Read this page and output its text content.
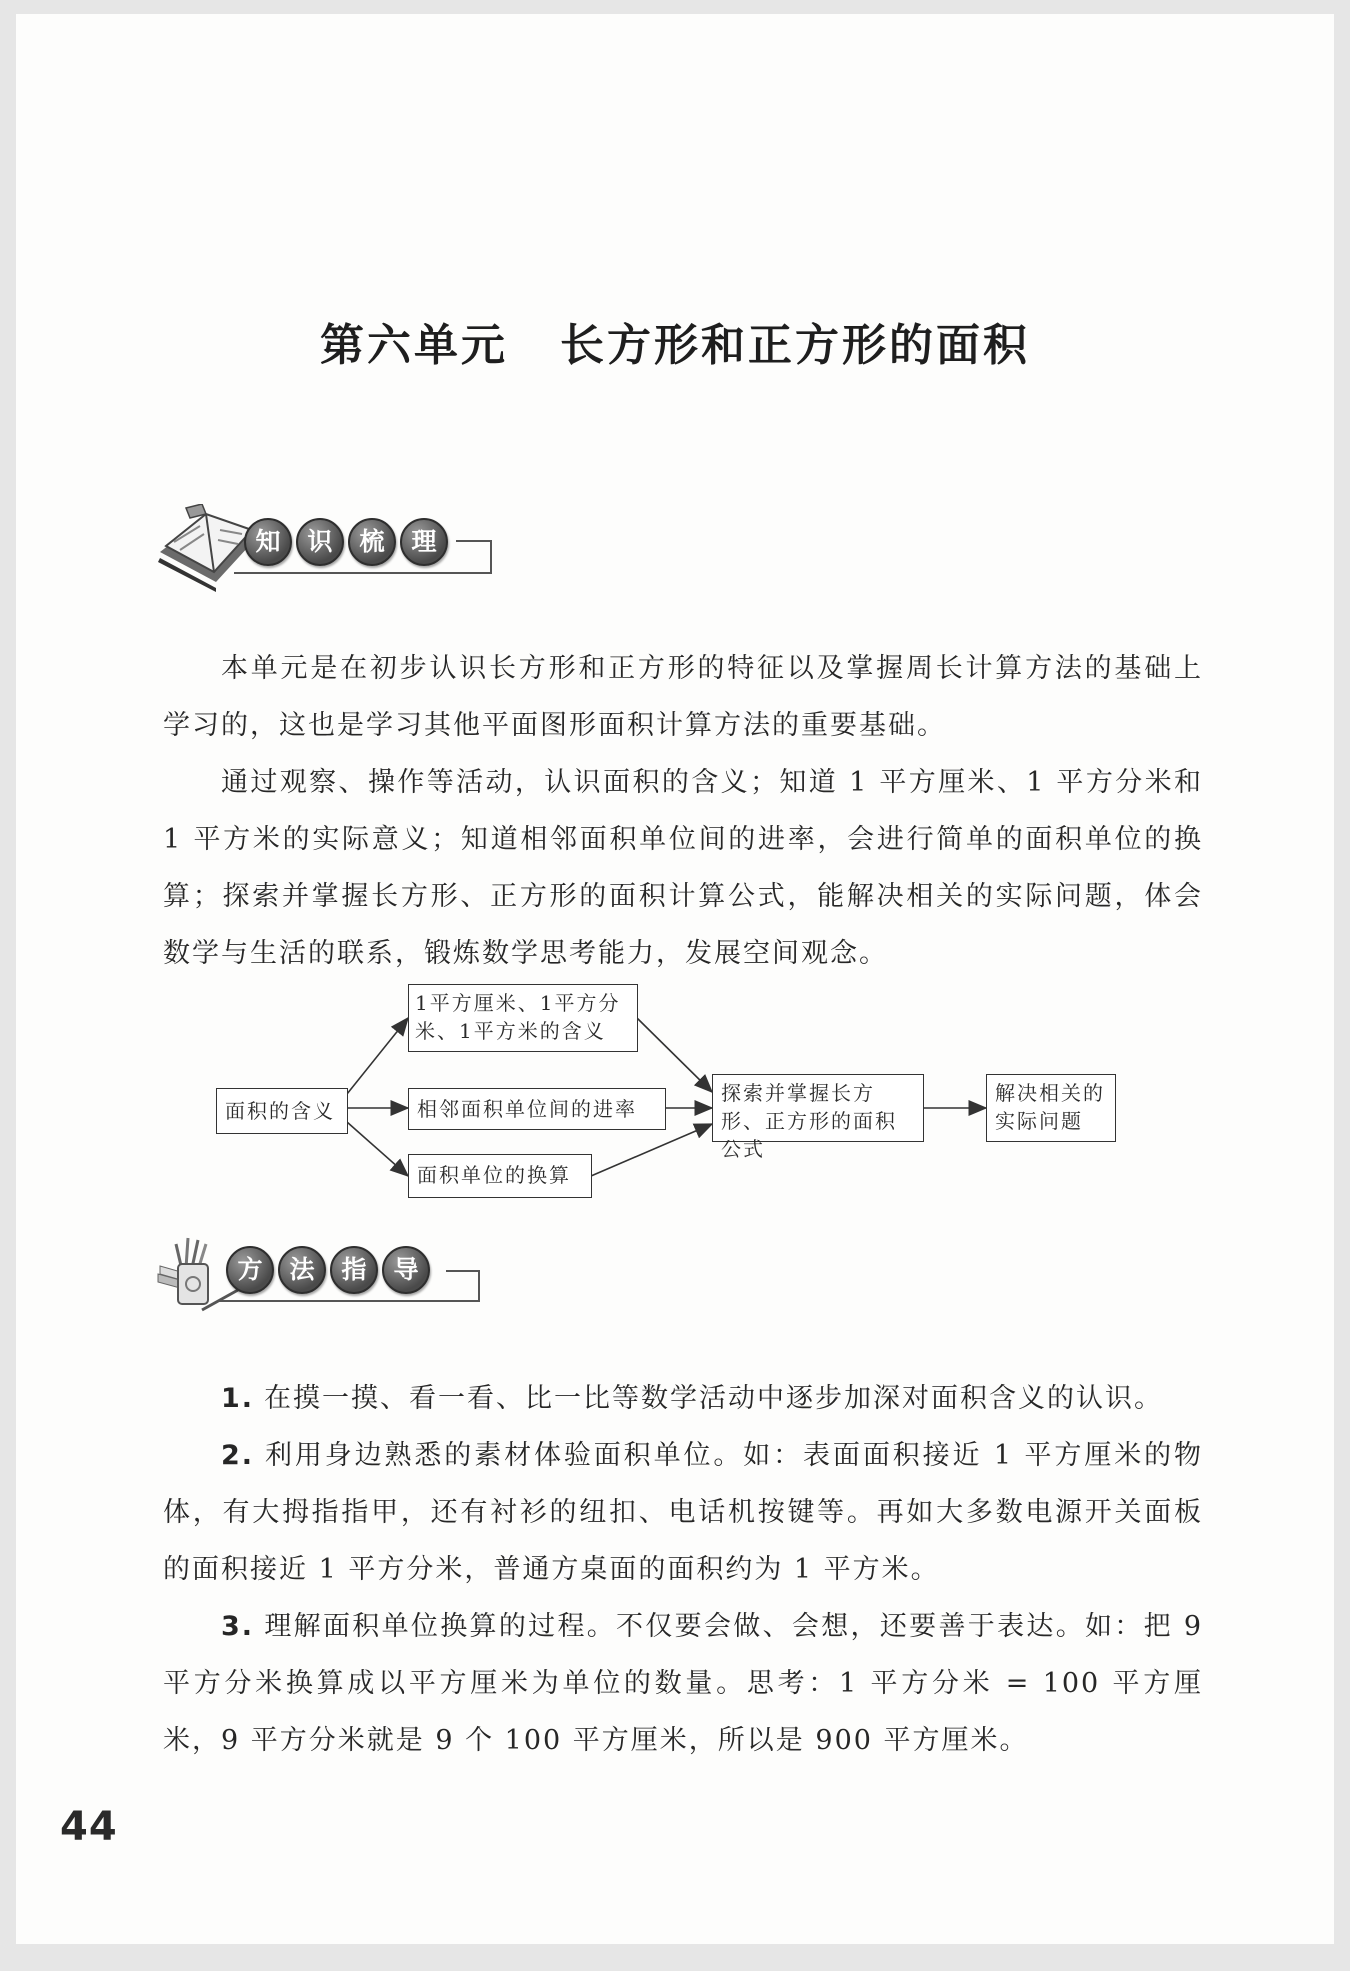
第六单元 长方形和正方形的面积
知	识	梳	理

本单元是在初步认识长方形和正方形的特征以及掌握周长计算方法的基础上学习的，这也是学习其他平面图形面积计算方法的重要基础。

通过观察、操作等活动，认识面积的含义；知道 1 平方厘米、1 平方分米和 1 平方米的实际意义；知道相邻面积单位间的进率，会进行简单的面积单位的换算；探索并掌握长方形、正方形的面积计算公式，能解决相关的实际问题，体会数学与生活的联系，锻炼数学思考能力，发展空间观念。

面积的含义
1平方厘米、1平方分米、1平方米的含义
相邻面积单位间的进率
面积单位的换算
探索并掌握长方形、正方形的面积公式
解决相关的实际问题
方	法	指	导
1. 在摸一摸、看一看、比一比等数学活动中逐步加深对面积含义的认识。
2. 利用身边熟悉的素材体验面积单位。如：表面面积接近 1 平方厘米的物体，有大拇指指甲，还有衬衫的纽扣、电话机按键等。再如大多数电源开关面板的面积接近 1 平方分米，普通方桌面的面积约为 1 平方米。
3. 理解面积单位换算的过程。不仅要会做、会想，还要善于表达。如：把 9 平方分米换算成以平方厘米为单位的数量。思考：1 平方分米 = 100 平方厘米，9 平方分米就是 9 个 100 平方厘米，所以是 900 平方厘米。
44
